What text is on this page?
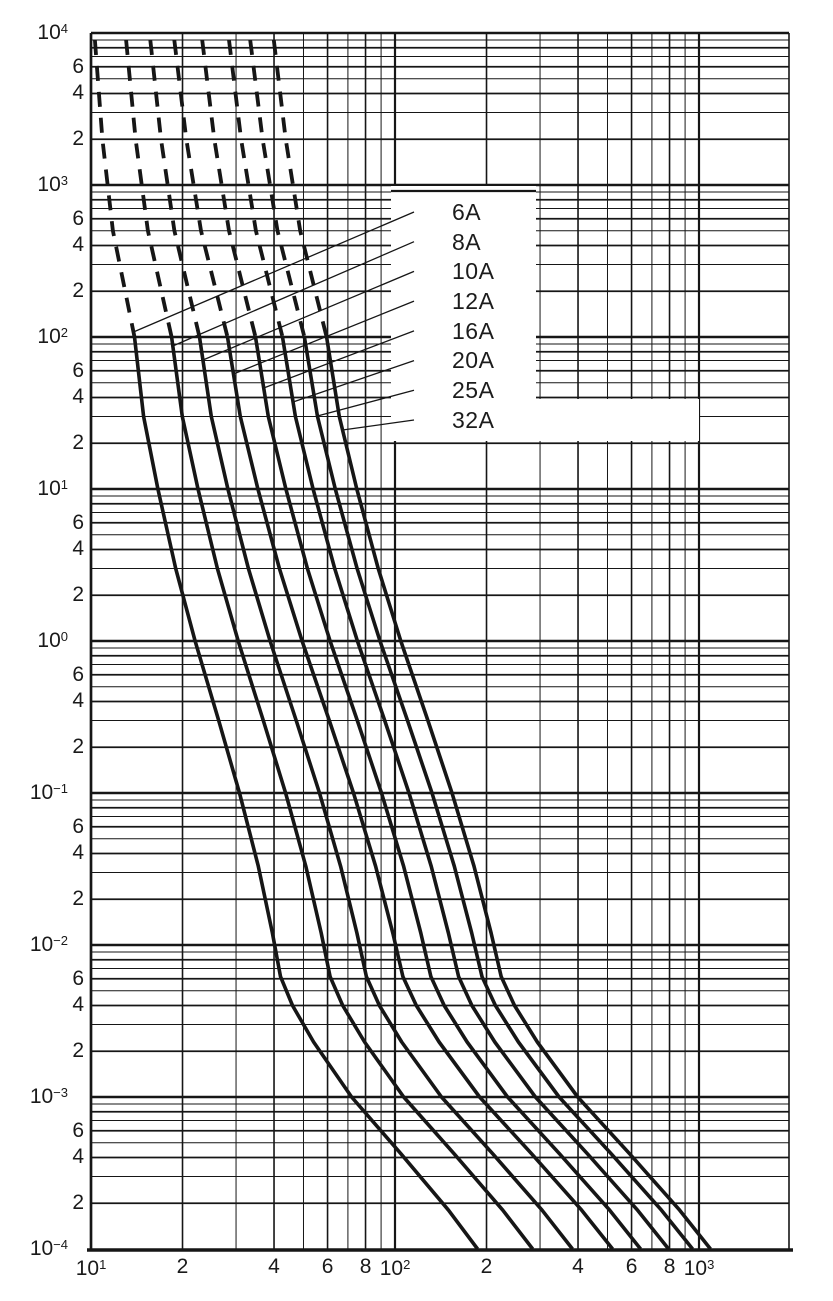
$10^4$
6
4
2
$10^3$
6
4
2
$10^2$
6
4
2
$10^1$
6
4
2
$10^0$
6
4
2
$10^{-1}$
6
4
2
$10^{-2}$
6
4
2
$10^{-3}$
6
4
2
$10^{-4}$
$10^1$	$10^2$	$10^3$
2	4	6	8	2	4	6	8
6A
8A
10A
12A
16A
20A
25A
32A
